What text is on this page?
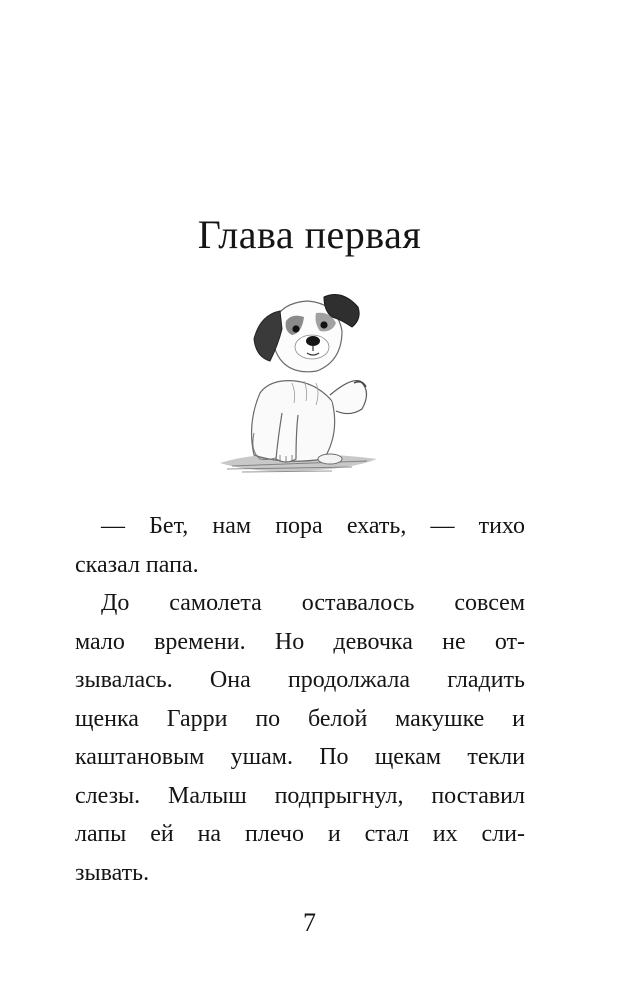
Глава первая
— Бет, нам пора ехать, — тихо
сказал папа.
До самолета оставалось совсем
мало времени. Но девочка не от-
зывалась. Она продолжала гладить
щенка Гарри по белой макушке и
каштановым ушам. По щекам текли
слезы. Малыш подпрыгнул, поставил
лапы ей на плечо и стал их сли-
зывать.
7
